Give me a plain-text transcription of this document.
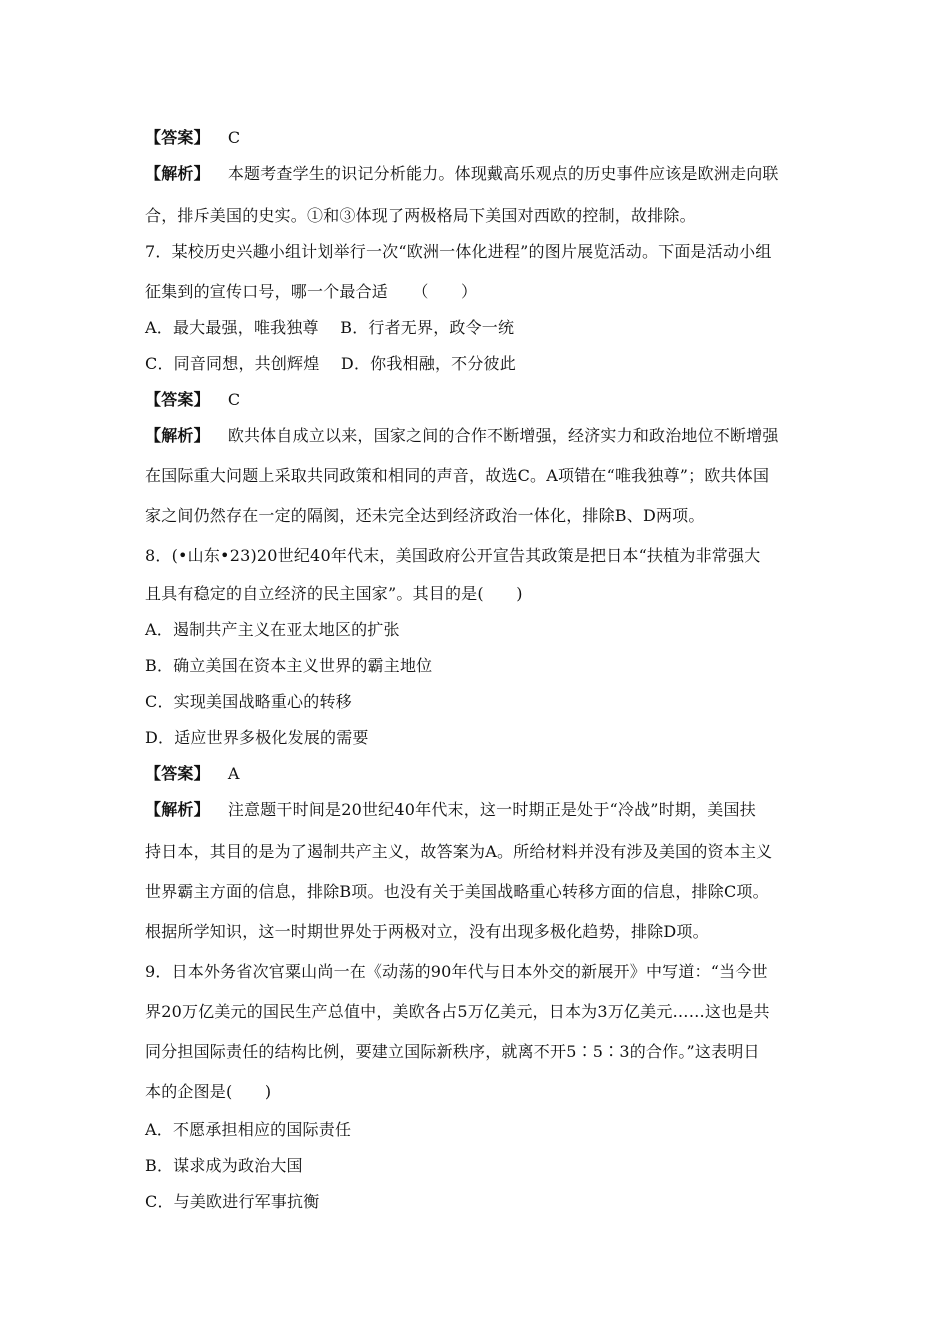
【答案】 C
【解析】 本题考查学生的识记分析能力。体现戴高乐观点的历史事件应该是欧洲走向联
合，排斥美国的史实。①和③体现了两极格局下美国对西欧的控制，故排除。
7．某校历史兴趣小组计划举行一次“欧洲一体化进程”的图片展览活动。下面是活动小组
征集到的宣传口号，哪一个最合适　　（　　）
A．最大最强，唯我独尊　 B．行者无界，政令一统
C．同音同想，共创辉煌　 D．你我相融，不分彼此
【答案】 C
【解析】 欧共体自成立以来，国家之间的合作不断增强，经济实力和政治地位不断增强
在国际重大问题上采取共同政策和相同的声音，故选C。A项错在“唯我独尊”；欧共体国
家之间仍然存在一定的隔阂，还未完全达到经济政治一体化，排除B、D两项。
8．(•山东•23)20世纪40年代末，美国政府公开宣告其政策是把日本“扶植为非常强大
且具有稳定的自立经济的民主国家”。其目的是(　　)
A．遏制共产主义在亚太地区的扩张
B．确立美国在资本主义世界的霸主地位
C．实现美国战略重心的转移
D．适应世界多极化发展的需要
【答案】 A
【解析】 注意题干时间是20世纪40年代末，这一时期正是处于“冷战”时期，美国扶
持日本，其目的是为了遏制共产主义，故答案为A。所给材料并没有涉及美国的资本主义
世界霸主方面的信息，排除B项。也没有关于美国战略重心转移方面的信息，排除C项。
根据所学知识，这一时期世界处于两极对立，没有出现多极化趋势，排除D项。
9．日本外务省次官粟山尚一在《动荡的90年代与日本外交的新展开》中写道：“当今世
界20万亿美元的国民生产总值中，美欧各占5万亿美元，日本为3万亿美元……这也是共
同分担国际责任的结构比例，要建立国际新秩序，就离不开5∶5∶3的合作。”这表明日
本的企图是(　　)
A．不愿承担相应的国际责任
B．谋求成为政治大国
C．与美欧进行军事抗衡
